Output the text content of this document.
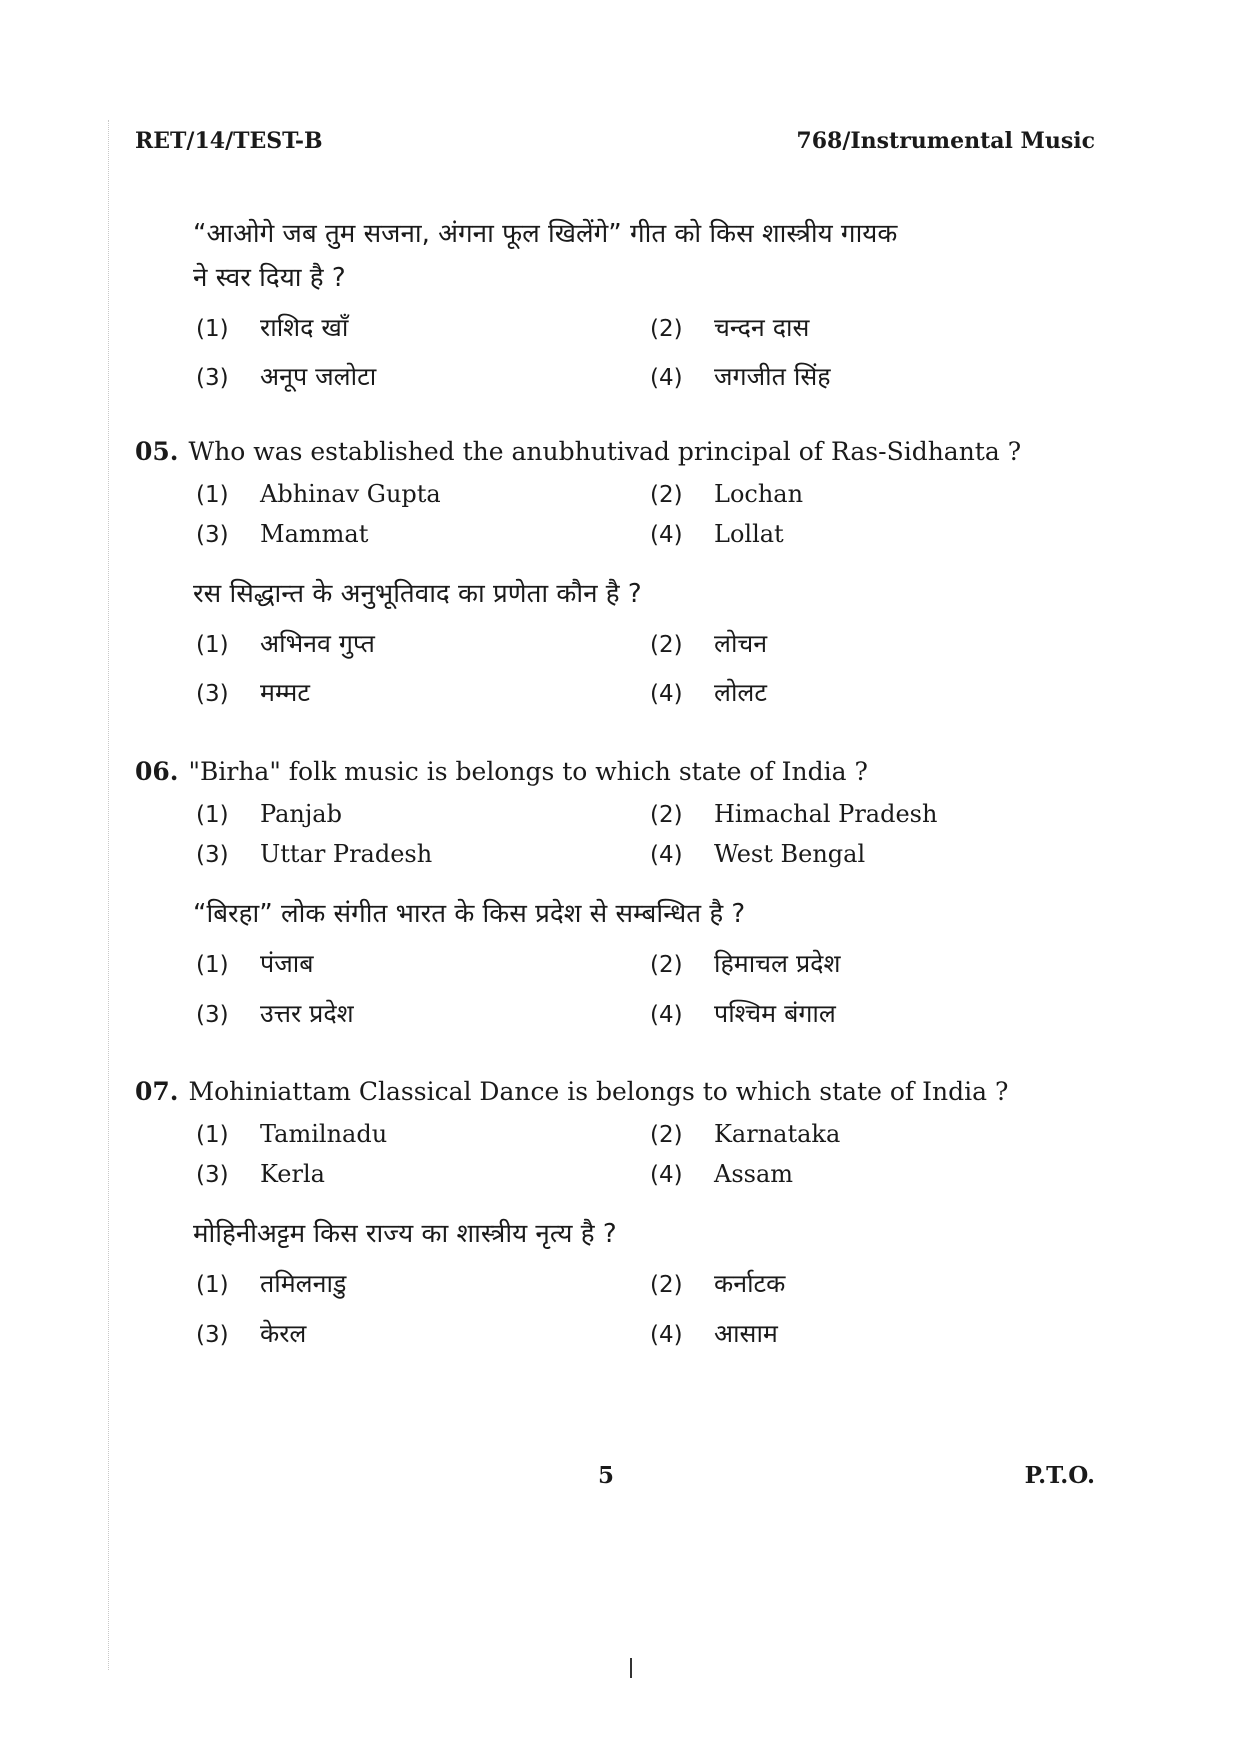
RET/14/TEST-B	768/Instrumental Music
“आओगे जब तुम सजना, अंगना फूल खिलेंगे” गीत को किस शास्त्रीय गायक
ने स्वर दिया है ?
(1) राशिद खाँ	(2) चन्दन दास
(3) अनूप जलोटा	(4) जगजीत सिंह
05. Who was established the anubhutivad principal of Ras-Sidhanta ?
(1) Abhinav Gupta	(2) Lochan
(3) Mammat	(4) Lollat
रस सिद्धान्त के अनुभूतिवाद का प्रणेता कौन है ?
(1) अभिनव गुप्त	(2) लोचन
(3) मम्मट	(4) लोलट
06. "Birha" folk music is belongs to which state of India ?
(1) Panjab	(2) Himachal Pradesh
(3) Uttar Pradesh	(4) West Bengal
“बिरहा” लोक संगीत भारत के किस प्रदेश से सम्बन्धित है ?
(1) पंजाब	(2) हिमाचल प्रदेश
(3) उत्तर प्रदेश	(4) पश्चिम बंगाल
07. Mohiniattam Classical Dance is belongs to which state of India ?
(1) Tamilnadu	(2) Karnataka
(3) Kerla	(4) Assam
मोहिनीअट्टम किस राज्य का शास्त्रीय नृत्य है ?
(1) तमिलनाडु	(2) कर्नाटक
(3) केरल	(4) आसाम
5	P.T.O.
